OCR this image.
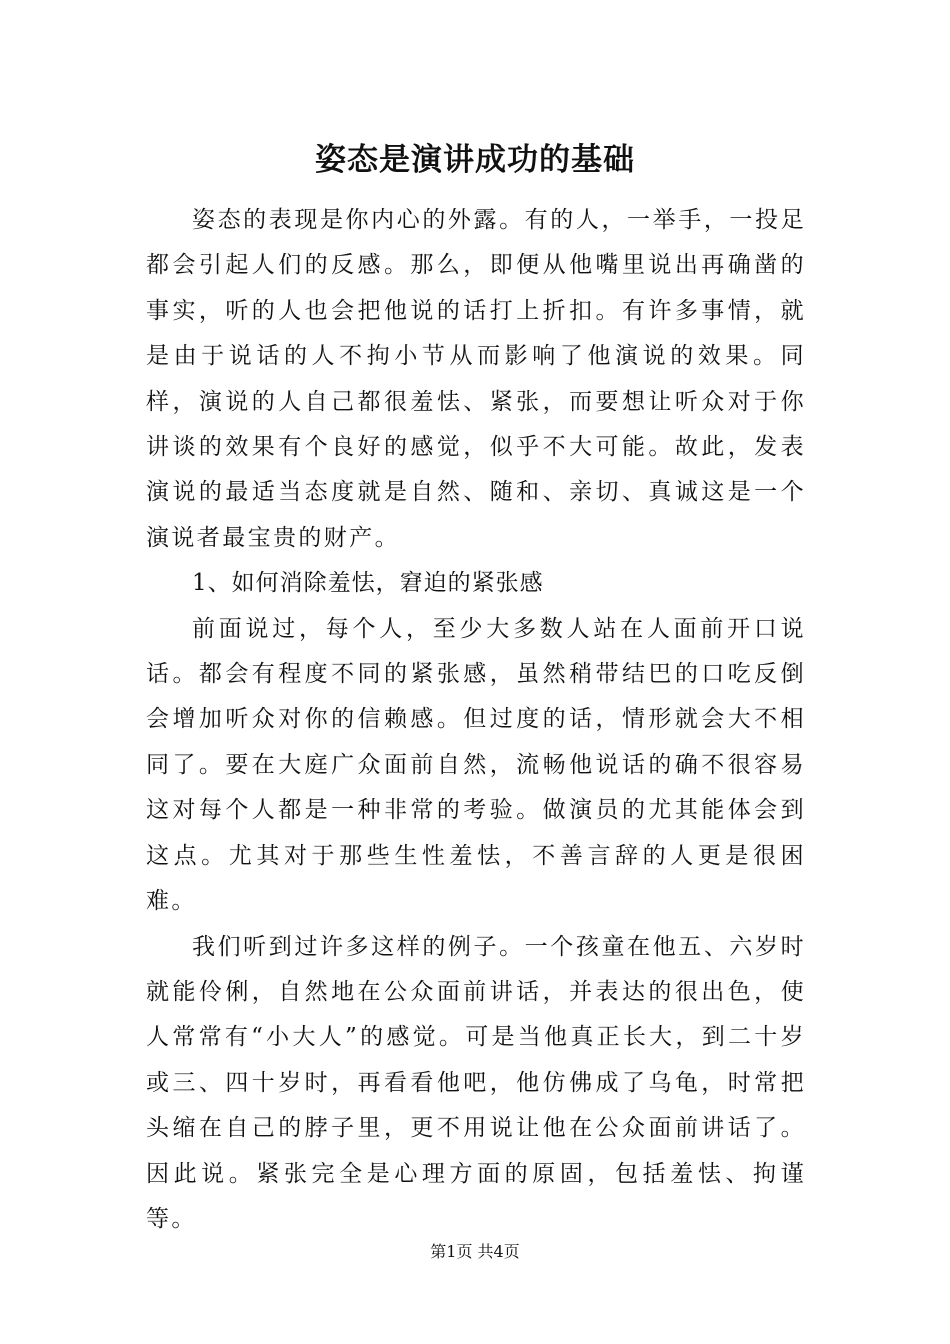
姿态是演讲成功的基础

姿态的表现是你内心的外露。有的人，一举手，一投足都会引起人们的反感。那么，即便从他嘴里说出再确凿的事实，听的人也会把他说的话打上折扣。有许多事情，就是由于说话的人不拘小节从而影响了他演说的效果。同样，演说的人自己都很羞怯、紧张，而要想让听众对于你讲谈的效果有个良好的感觉，似乎不大可能。故此，发表演说的最适当态度就是自然、随和、亲切、真诚这是一个演说者最宝贵的财产。

1、如何消除羞怯，窘迫的紧张感

前面说过，每个人，至少大多数人站在人面前开口说话。都会有程度不同的紧张感，虽然稍带结巴的口吃反倒会增加听众对你的信赖感。但过度的话，情形就会大不相同了。要在大庭广众面前自然，流畅他说话的确不很容易这对每个人都是一种非常的考验。做演员的尤其能体会到这点。尤其对于那些生性羞怯，不善言辞的人更是很困难。

我们听到过许多这样的例子。一个孩童在他五、六岁时就能伶俐，自然地在公众面前讲话，并表达的很出色，使人常常有“小大人”的感觉。可是当他真正长大，到二十岁或三、四十岁时，再看看他吧，他仿佛成了乌龟，时常把头缩在自己的脖子里，更不用说让他在公众面前讲话了。因此说。紧张完全是心理方面的原固，包括羞怯、拘谨等。

第1页 共4页
